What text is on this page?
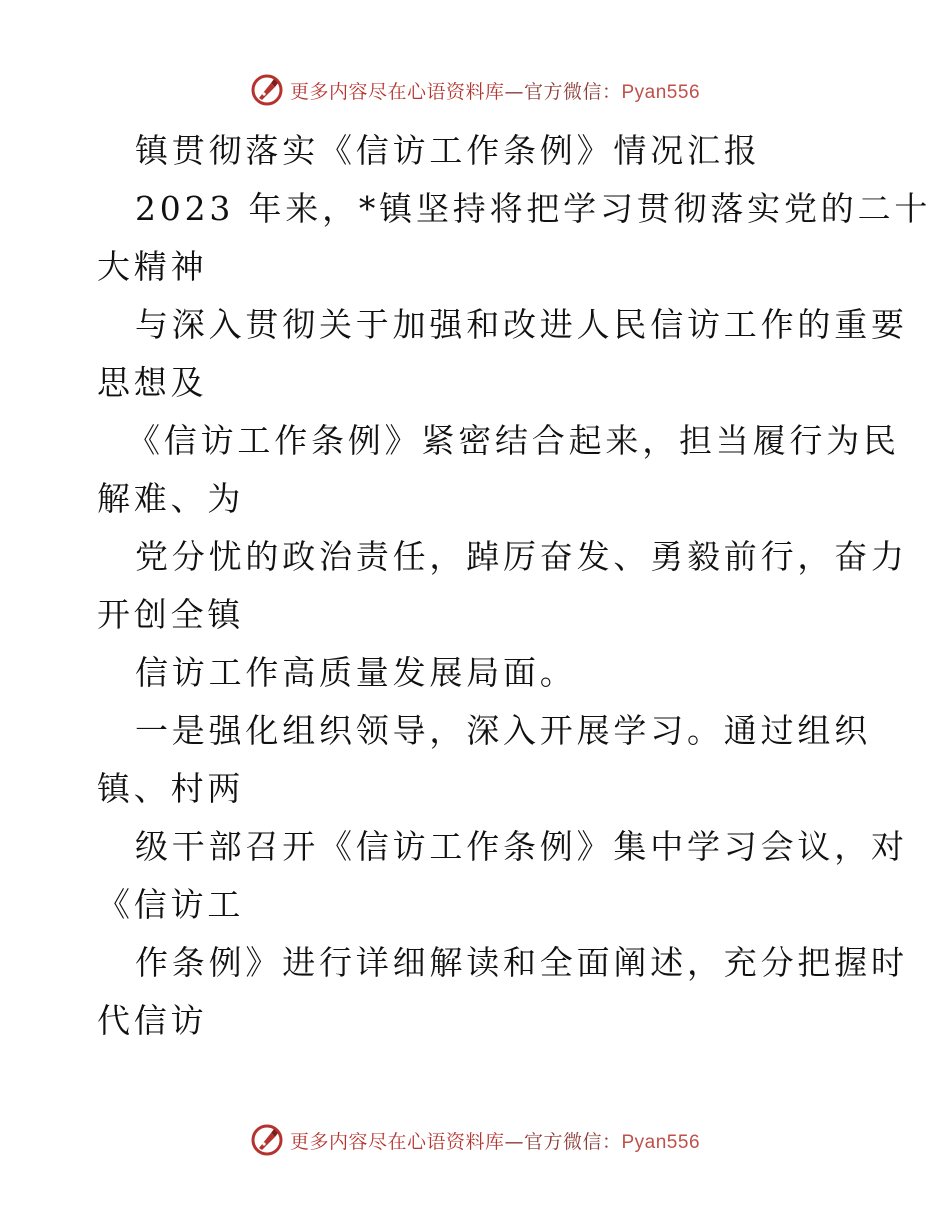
更多内容尽在心语资料库—官方微信：Pyan556
镇贯彻落实《信访工作条例》情况汇报
2023 年来，*镇坚持将把学习贯彻落实党的二十
大精神
与深入贯彻关于加强和改进人民信访工作的重要
思想及
《信访工作条例》紧密结合起来，担当履行为民
解难、为
党分忧的政治责任，踔厉奋发、勇毅前行，奋力
开创全镇
信访工作高质量发展局面。
一是强化组织领导，深入开展学习。通过组织
镇、村两
级干部召开《信访工作条例》集中学习会议，对
《信访工
作条例》进行详细解读和全面阐述，充分把握时
代信访
更多内容尽在心语资料库—官方微信：Pyan556
